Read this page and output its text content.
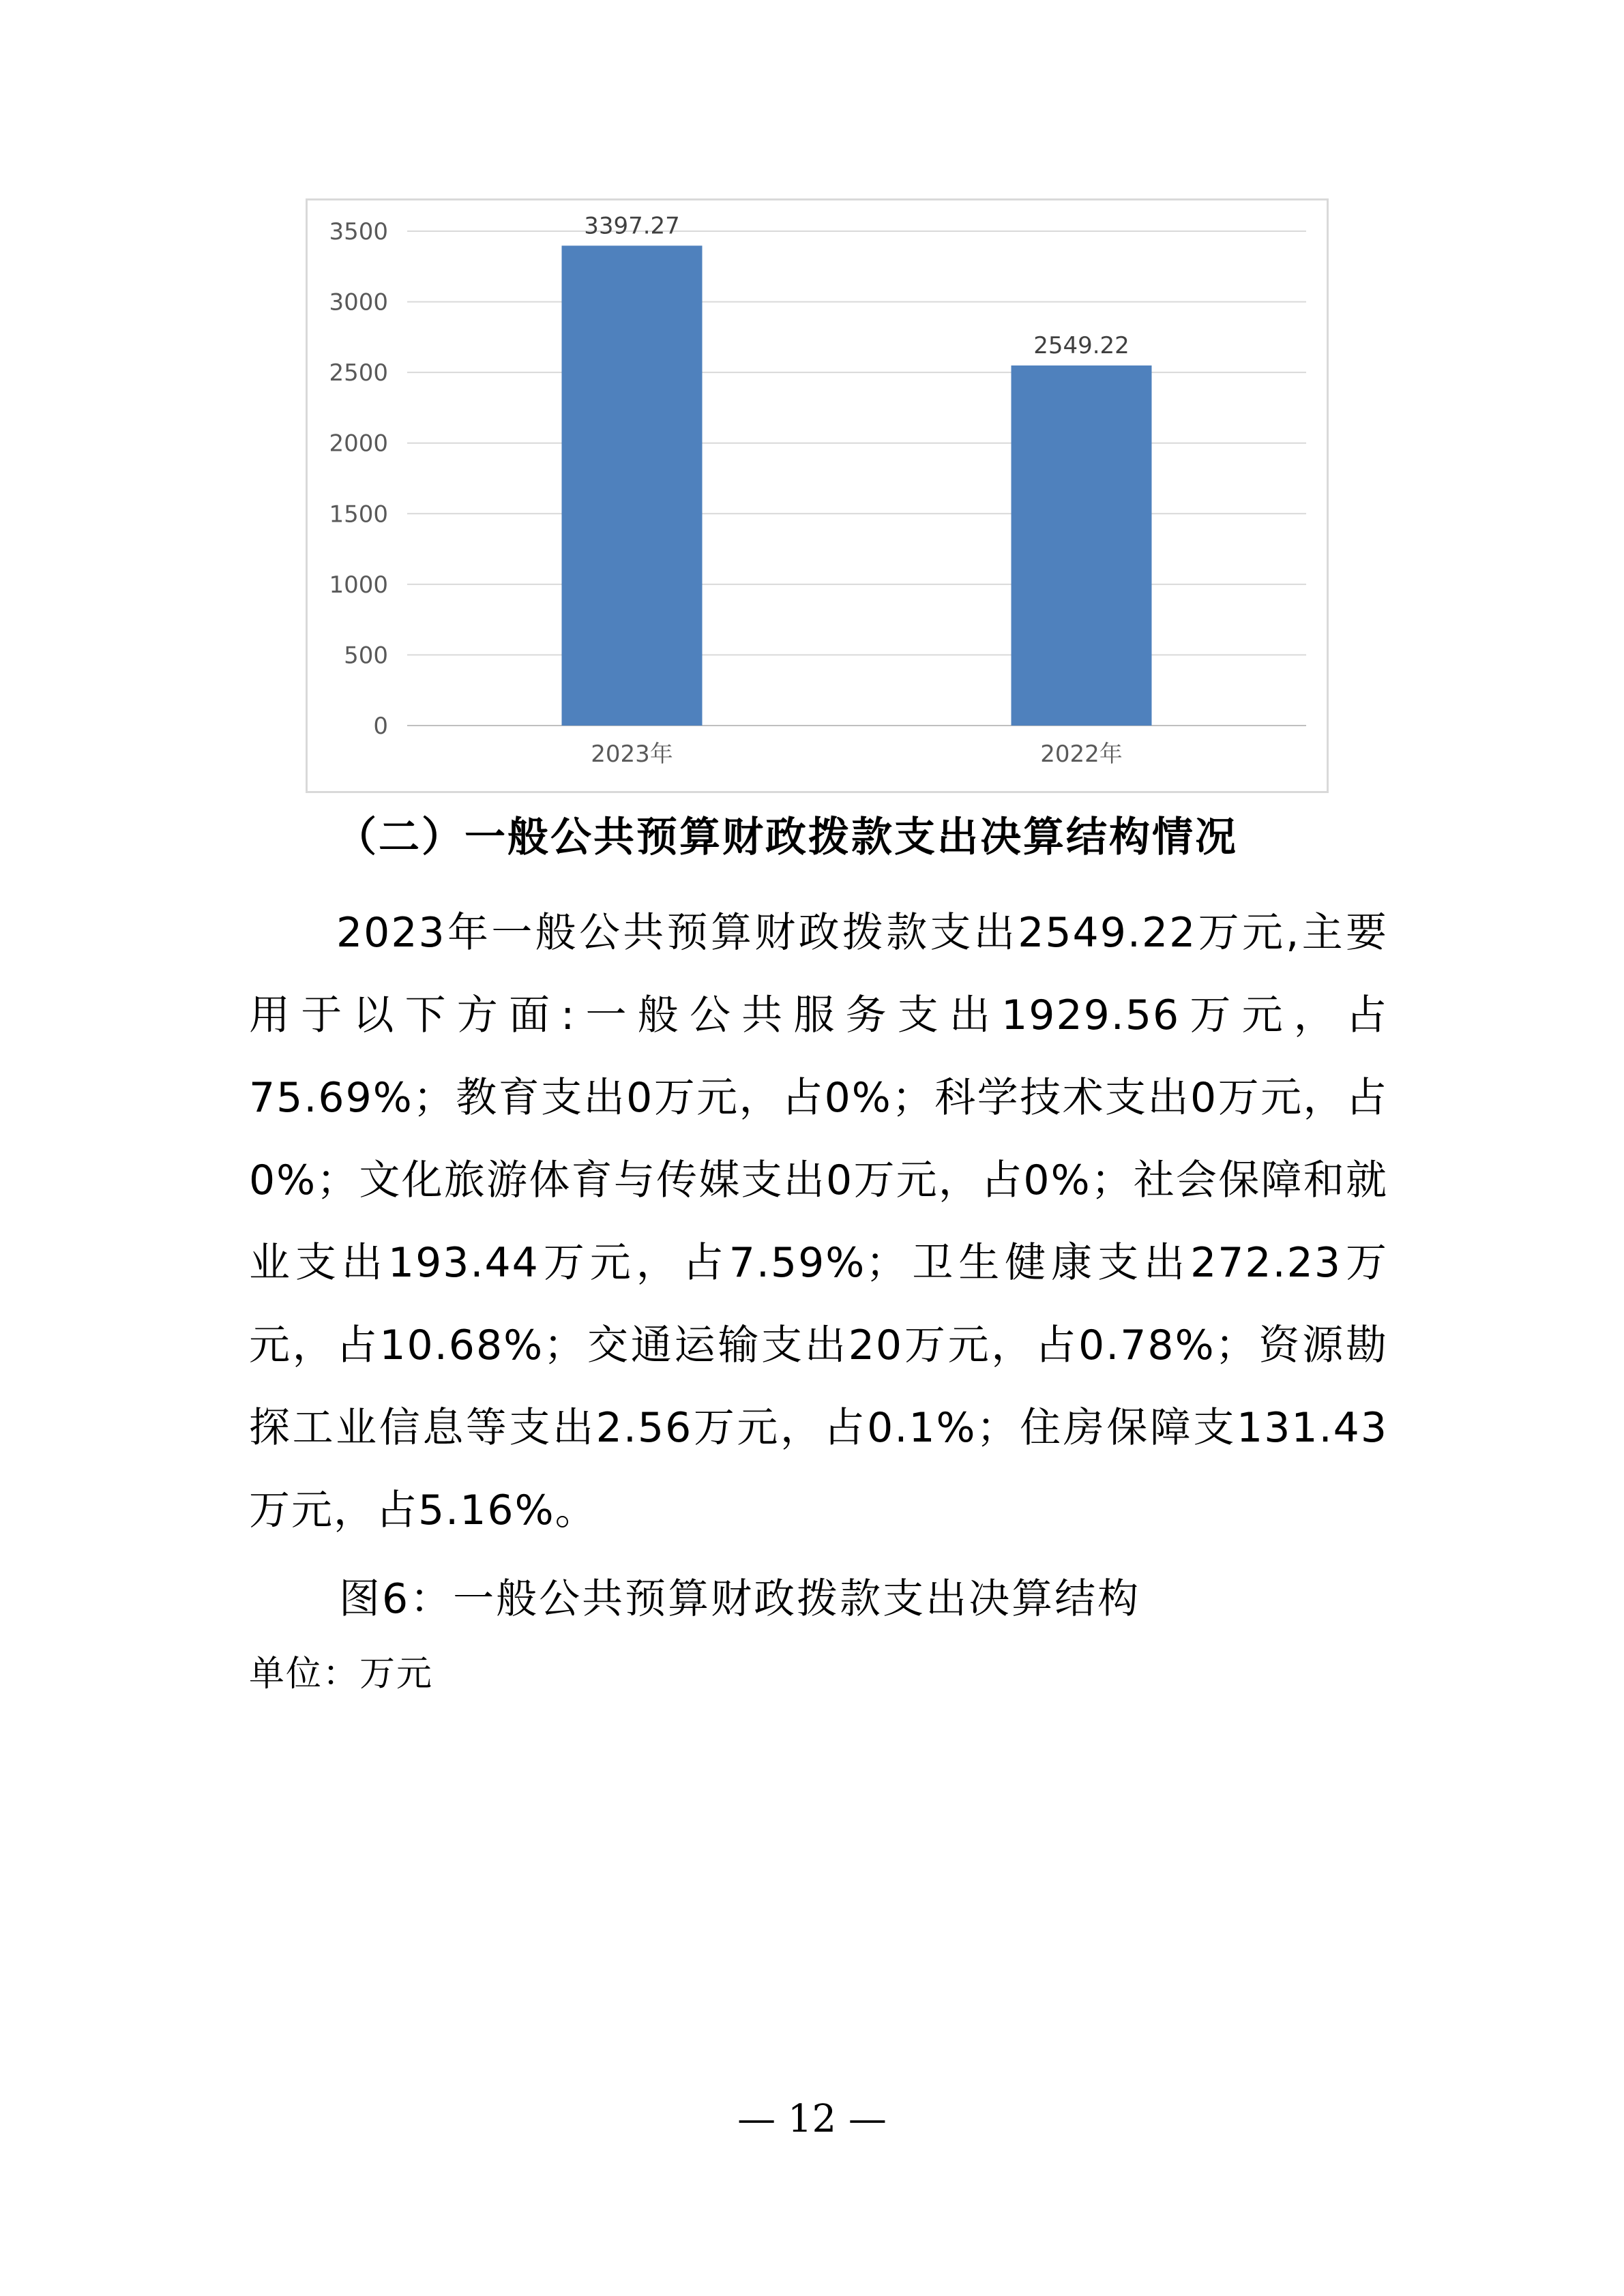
0
500
1000
1500
2000
2500
3000
3500	3397.27
2023年
2549.22
2022年

（二）一般公共预算财政拨款支出决算结构情况

2023年一般公共预算财政拨款支出2549.22万元,主要用于以下方面:一般公共服务支出1929.56万元，占75.69%；教育支出0万元，占0%；科学技术支出0万元，占0%；文化旅游体育与传媒支出0万元，占0%；社会保障和就业支出193.44万元，占7.59%；卫生健康支出272.23万元，占10.68%；交通运输支出20万元，占0.78%；资源勘探工业信息等支出2.56万元，占0.1%；住房保障支131.43万元，占5.16%。

图6：一般公共预算财政拨款支出决算结构

单位：万元

— 12 —
